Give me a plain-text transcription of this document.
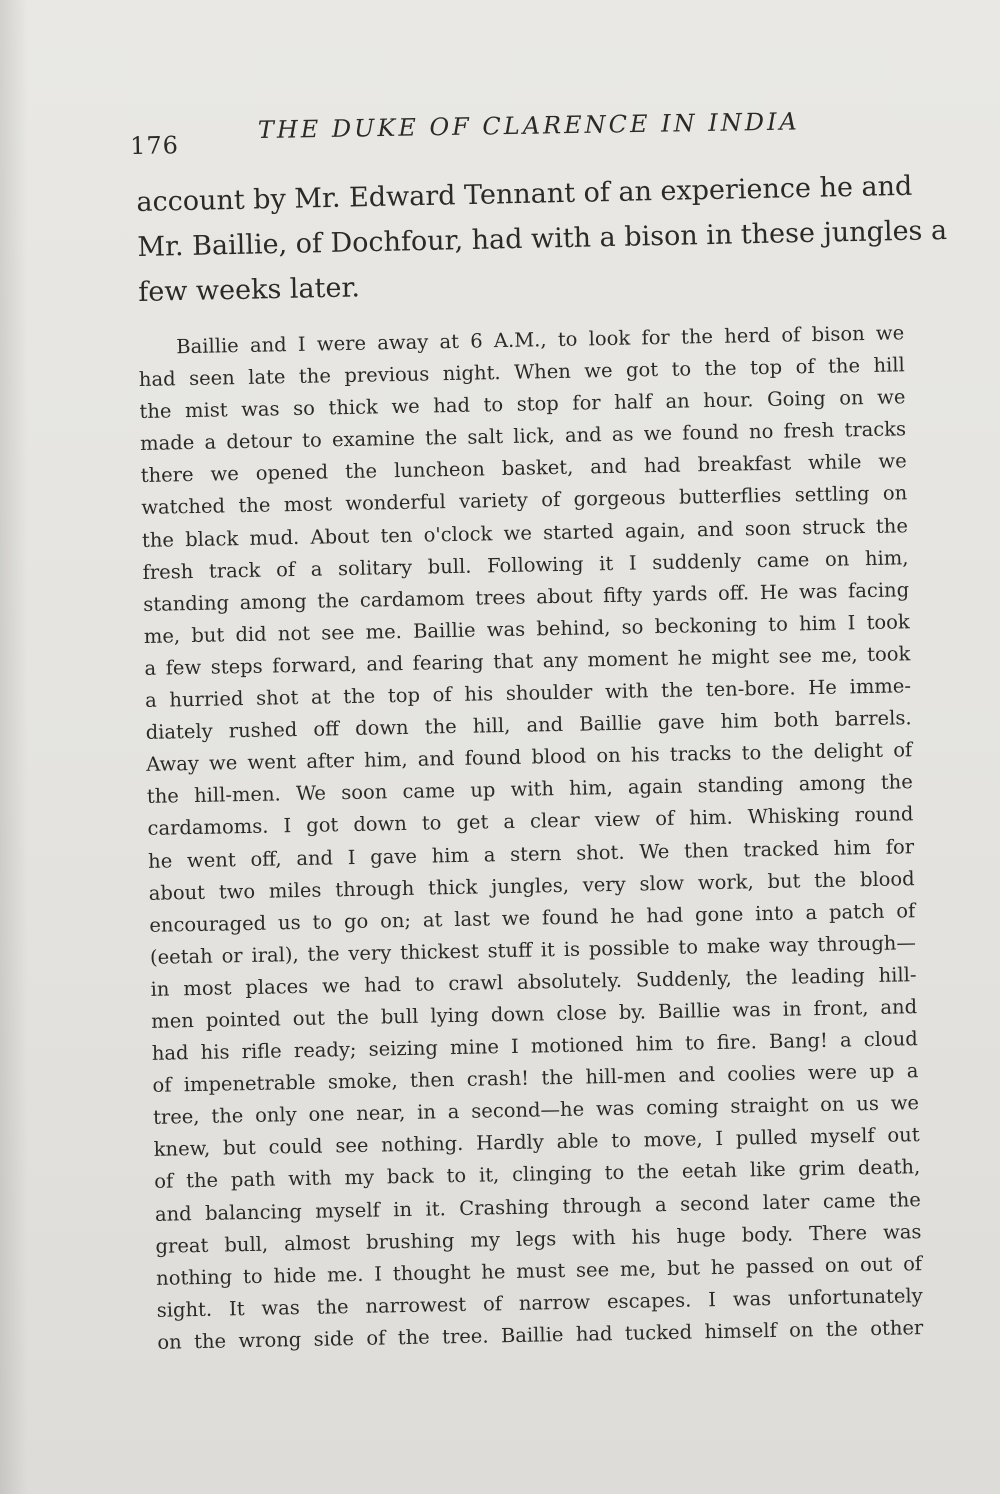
176
THE DUKE OF CLARENCE IN INDIA
account by Mr. Edward Tennant of an experience he and
Mr. Baillie, of Dochfour, had with a bison in these jungles a
few weeks later.
Baillie and I were away at 6 A.M., to look for the herd of bison we
had seen late the previous night. When we got to the top of the hill
the mist was so thick we had to stop for half an hour. Going on we
made a detour to examine the salt lick, and as we found no fresh tracks
there we opened the luncheon basket, and had breakfast while we
watched the most wonderful variety of gorgeous butterflies settling on
the black mud. About ten o'clock we started again, and soon struck the
fresh track of a solitary bull. Following it I suddenly came on him,
standing among the cardamom trees about fifty yards off. He was facing
me, but did not see me. Baillie was behind, so beckoning to him I took
a few steps forward, and fearing that any moment he might see me, took
a hurried shot at the top of his shoulder with the ten-bore. He imme-
diately rushed off down the hill, and Baillie gave him both barrels.
Away we went after him, and found blood on his tracks to the delight of
the hill-men. We soon came up with him, again standing among the
cardamoms. I got down to get a clear view of him. Whisking round
he went off, and I gave him a stern shot. We then tracked him for
about two miles through thick jungles, very slow work, but the blood
encouraged us to go on; at last we found he had gone into a patch of
(eetah or iral), the very thickest stuff it is possible to make way through—
in most places we had to crawl absolutely. Suddenly, the leading hill-
men pointed out the bull lying down close by. Baillie was in front, and
had his rifle ready; seizing mine I motioned him to fire. Bang! a cloud
of impenetrable smoke, then crash! the hill-men and coolies were up a
tree, the only one near, in a second—he was coming straight on us we
knew, but could see nothing. Hardly able to move, I pulled myself out
of the path with my back to it, clinging to the eetah like grim death,
and balancing myself in it. Crashing through a second later came the
great bull, almost brushing my legs with his huge body. There was
nothing to hide me. I thought he must see me, but he passed on out of
sight. It was the narrowest of narrow escapes. I was unfortunately
on the wrong side of the tree. Baillie had tucked himself on the other
